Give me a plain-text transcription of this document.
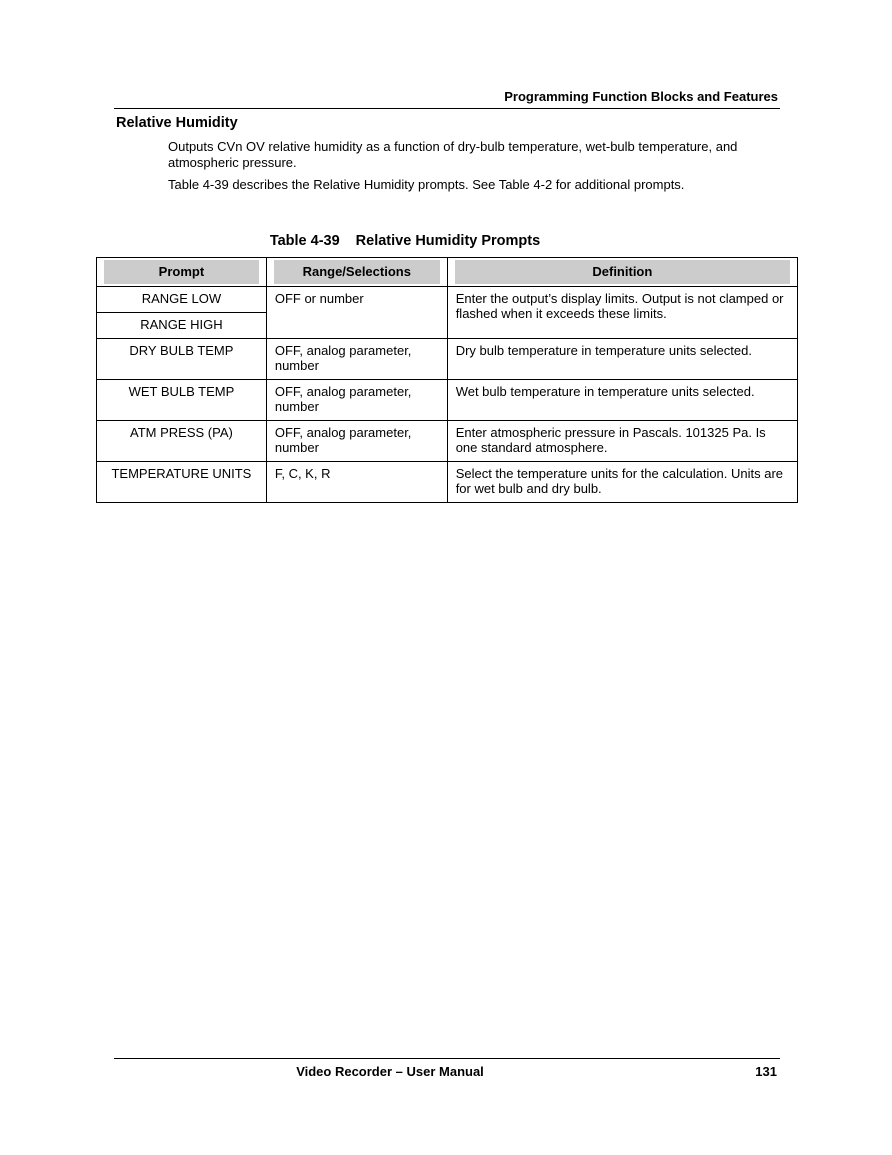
Programming Function Blocks and Features
Relative Humidity
Outputs CVn OV relative humidity as a function of dry-bulb temperature, wet-bulb temperature, and atmospheric pressure.
Table 4-39 describes the Relative Humidity prompts. See Table 4-2 for additional prompts.
Table 4-39 Relative Humidity Prompts
Prompt	Range/Selections	Definition

RANGE LOW	OFF or number	Enter the output’s display limits. Output is not clamped or flashed when it exceeds these limits.
RANGE HIGH		
DRY BULB TEMP	OFF, analog parameter, number	Dry bulb temperature in temperature units selected.
WET BULB TEMP	OFF, analog parameter, number	Wet bulb temperature in temperature units selected.
ATM PRESS (PA)	OFF, analog parameter, number	Enter atmospheric pressure in Pascals. 101325 Pa. Is one standard atmosphere.
TEMPERATURE UNITS	F, C, K, R	Select the temperature units for the calculation. Units are for wet bulb and dry bulb.
Video Recorder – User Manual	131
